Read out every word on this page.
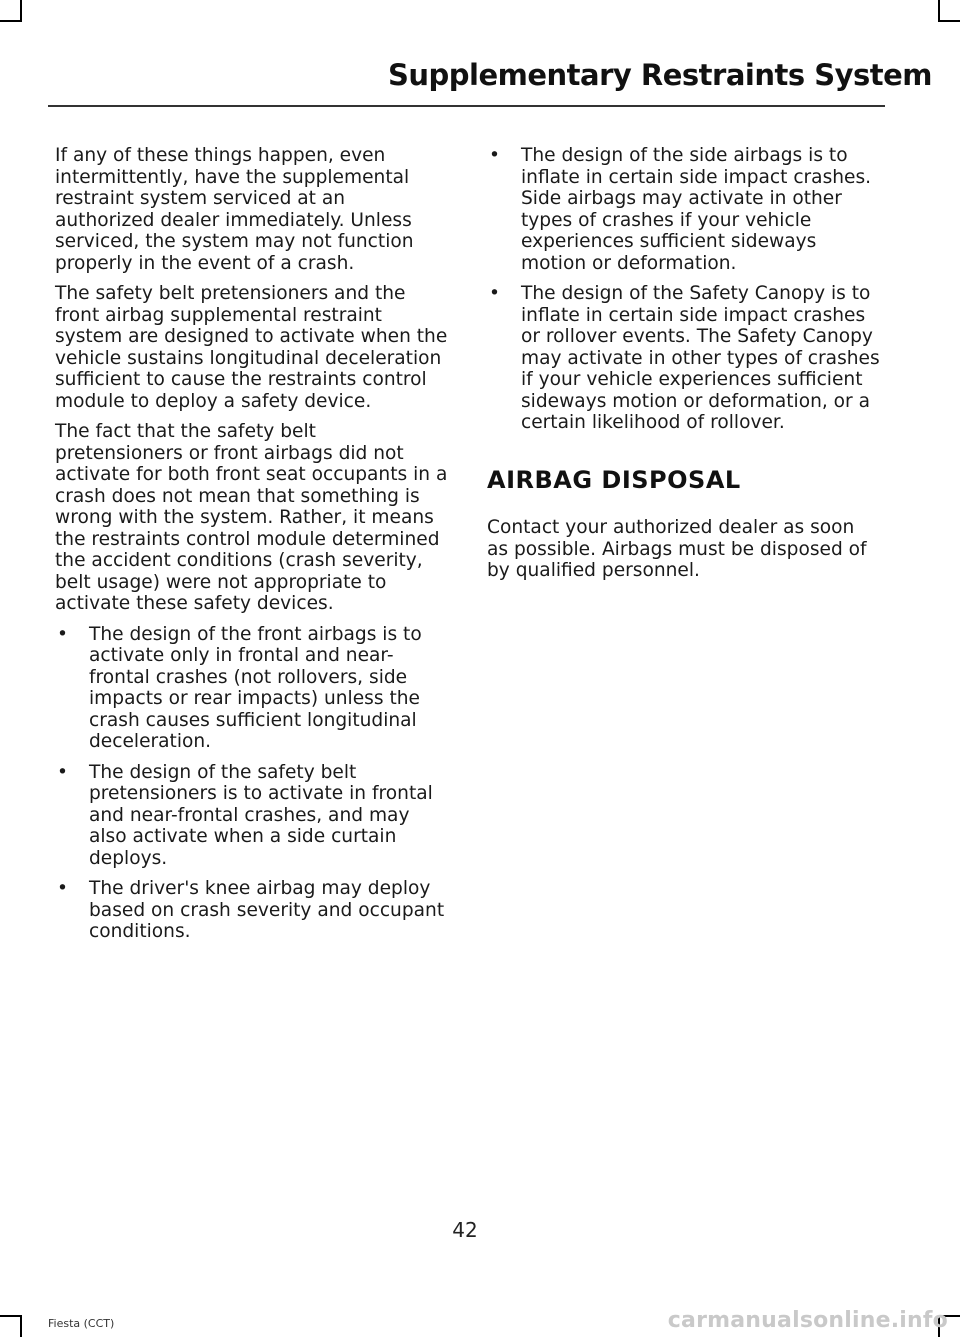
Supplementary Restraints System

If any of these things happen, even intermittently, have the supplemental restraint system serviced at an authorized dealer immediately. Unless serviced, the system may not function properly in the event of a crash.

The safety belt pretensioners and the front airbag supplemental restraint system are designed to activate when the vehicle sustains longitudinal deceleration sufficient to cause the restraints control module to deploy a safety device.

The fact that the safety belt pretensioners or front airbags did not activate for both front seat occupants in a crash does not mean that something is wrong with the system. Rather, it means the restraints control module determined the accident conditions (crash severity, belt usage) were not appropriate to activate these safety devices.

• The design of the front airbags is to activate only in frontal and near-frontal crashes (not rollovers, side impacts or rear impacts) unless the crash causes sufficient longitudinal deceleration.
• The design of the safety belt pretensioners is to activate in frontal and near-frontal crashes, and may also activate when a side curtain deploys.
• The driver's knee airbag may deploy based on crash severity and occupant conditions.
• The design of the side airbags is to inflate in certain side impact crashes. Side airbags may activate in other types of crashes if your vehicle experiences sufficient sideways motion or deformation.
• The design of the Safety Canopy is to inflate in certain side impact crashes or rollover events. The Safety Canopy may activate in other types of crashes if your vehicle experiences sufficient sideways motion or deformation, or a certain likelihood of rollover.
AIRBAG DISPOSAL

Contact your authorized dealer as soon as possible. Airbags must be disposed of by qualified personnel.

42
Fiesta (CCT)	carmanualsonline.info
